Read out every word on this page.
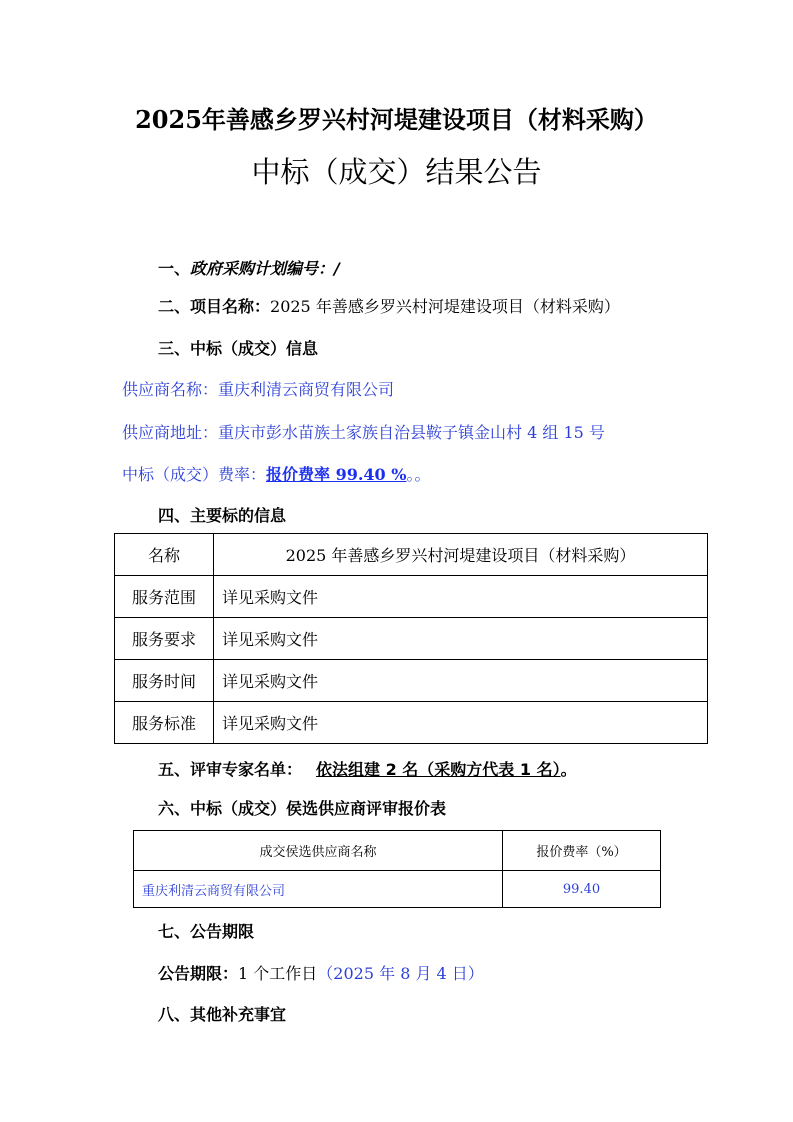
2025年善感乡罗兴村河堤建设项目（材料采购）
中标（成交）结果公告
一、政府采购计划编号：/
二、项目名称：2025 年善感乡罗兴村河堤建设项目（材料采购）
三、中标（成交）信息
供应商名称：重庆利清云商贸有限公司
供应商地址：重庆市彭水苗族土家族自治县鞍子镇金山村 4 组 15 号
中标（成交）费率：报价费率 99.40 %。。
四、主要标的信息
名称	2025 年善感乡罗兴村河堤建设项目（材料采购）
服务范围	详见采购文件
服务要求	详见采购文件
服务时间	详见采购文件
服务标准	详见采购文件
五、评审专家名单： 依法组建 2 名（采购方代表 1 名）。
六、中标（成交）侯选供应商评审报价表
成交侯选供应商名称	报价费率（%）
重庆利清云商贸有限公司	99.40
七、公告期限
公告期限：1 个工作日（2025 年 8 月 4 日）
八、其他补充事宜
